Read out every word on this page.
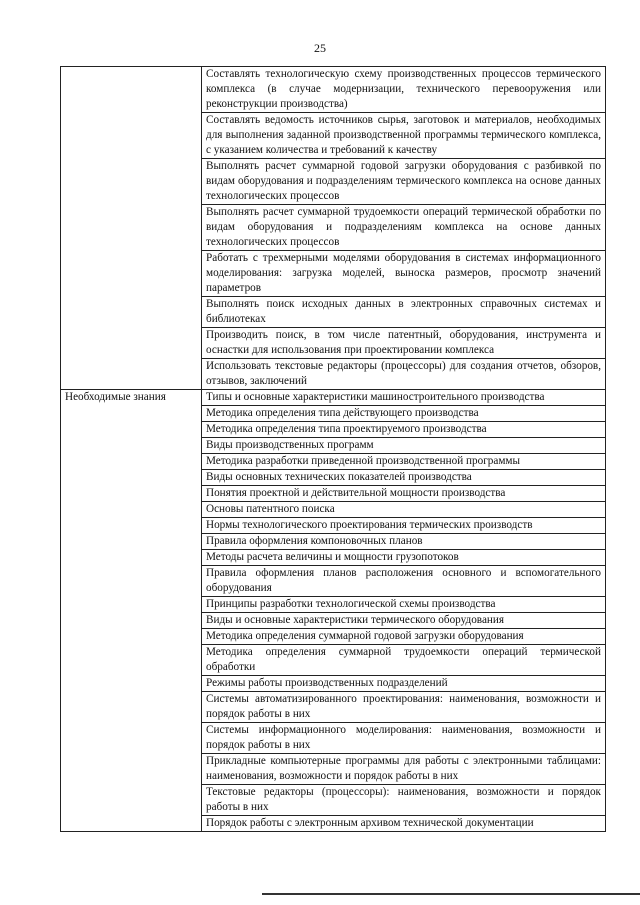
25
	Составлять технологическую схему производственных процессов термического комплекса (в случае модернизации, технического перевооружения или реконструкции производства)
	Составлять ведомость источников сырья, заготовок и материалов, необходимых для выполнения заданной производственной программы термического комплекса, с указанием количества и требований к качеству
	Выполнять расчет суммарной годовой загрузки оборудования с разбивкой по видам оборудования и подразделениям термического комплекса на основе данных технологических процессов
	Выполнять расчет суммарной трудоемкости операций термической обработки по видам оборудования и подразделениям комплекса на основе данных технологических процессов
	Работать с трехмерными моделями оборудования в системах информационного моделирования: загрузка моделей, выноска размеров, просмотр значений параметров
	Выполнять поиск исходных данных в электронных справочных системах и библиотеках
	Производить поиск, в том числе патентный, оборудования, инструмента и оснастки для использования при проектировании комплекса
	Использовать текстовые редакторы (процессоры) для создания отчетов, обзоров, отзывов, заключений
Необходимые знания	Типы и основные характеристики машиностроительного производства
	Методика определения типа действующего производства
	Методика определения типа проектируемого производства
	Виды производственных программ
	Методика разработки приведенной производственной программы
	Виды основных технических показателей производства
	Понятия проектной и действительной мощности производства
	Основы патентного поиска
	Нормы технологического проектирования термических производств
	Правила оформления компоновочных планов
	Методы расчета величины и мощности грузопотоков
	Правила оформления планов расположения основного и вспомогательного оборудования
	Принципы разработки технологической схемы производства
	Виды и основные характеристики термического оборудования
	Методика определения суммарной годовой загрузки оборудования
	Методика определения суммарной трудоемкости операций термической обработки
	Режимы работы производственных подразделений
	Системы автоматизированного проектирования: наименования, возможности и порядок работы в них
	Системы информационного моделирования: наименования, возможности и порядок работы в них
	Прикладные компьютерные программы для работы с электронными таблицами: наименования, возможности и порядок работы в них
	Текстовые редакторы (процессоры): наименования, возможности и порядок работы в них
	Порядок работы с электронным архивом технической документации
